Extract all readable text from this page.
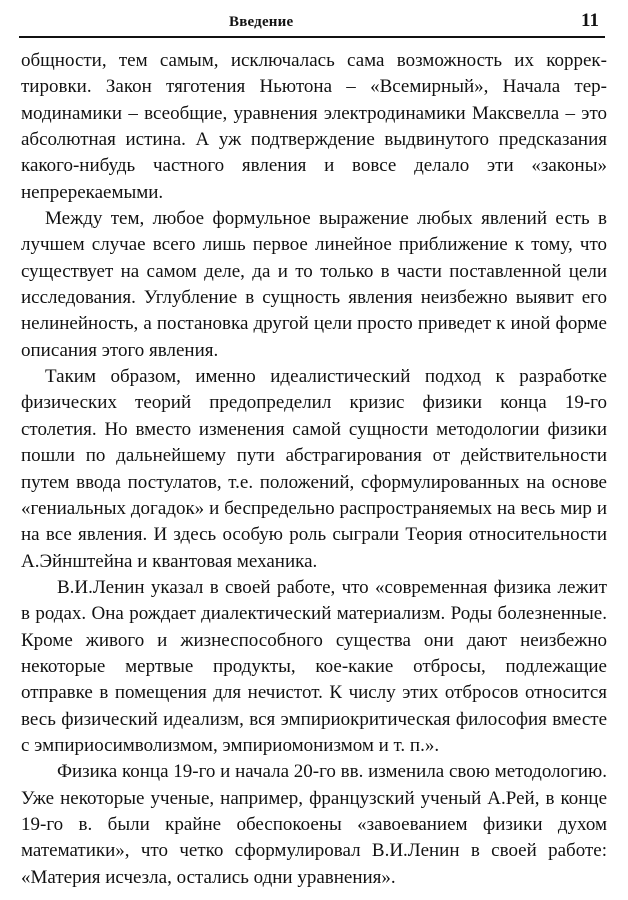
Введение	11

общности, тем самым, исключалась сама возможность их корректировки. Закон тяготения Ньютона – «Всемирный», Начала термодинамики – всеобщие, уравнения электродинамики Максвелла – это абсолютная истина. А уж подтверждение выдвинутого предсказания какого-нибудь частного явления и вовсе делало эти «законы» непререкаемыми.

Между тем, любое формульное выражение любых явлений есть в лучшем случае всего лишь первое линейное приближение к тому, что существует на самом деле, да и то только в части поставленной цели исследования. Углубление в сущность явления неизбежно выявит его нелинейность, а постановка другой цели просто приведет к иной форме описания этого явления.

Таким образом, именно идеалистический подход к разработке физических теорий предопределил кризис физики конца 19-го столетия. Но вместо изменения самой сущности методологии физики пошли по дальнейшему пути абстрагирования от действительности путем ввода постулатов, т.е. положений, сформулированных на основе «гениальных догадок» и беспредельно распространяемых на весь мир и на все явления. И здесь особую роль сыграли Теория относительности А.Эйнштейна и квантовая механика.

В.И.Ленин указал в своей работе, что «современная физика лежит в родах. Она рождает диалектический материализм. Роды болезненные. Кроме живого и жизнеспособного существа они дают неизбежно некоторые мертвые продукты, кое-какие отбросы, подлежащие отправке в помещения для нечистот. К числу этих отбросов относится весь физический идеализм, вся эмпириокритическая философия вместе с эмпириосимволизмом, эмпириомонизмом и т. п.».

Физика конца 19-го и начала 20-го вв. изменила свою методологию. Уже некоторые ученые, например, французский ученый А.Рей, в конце 19-го в. были крайне обеспокоены «завоеванием физики духом математики», что четко сформулировал В.И.Ленин в своей работе: «Материя исчезла, остались одни уравнения».
